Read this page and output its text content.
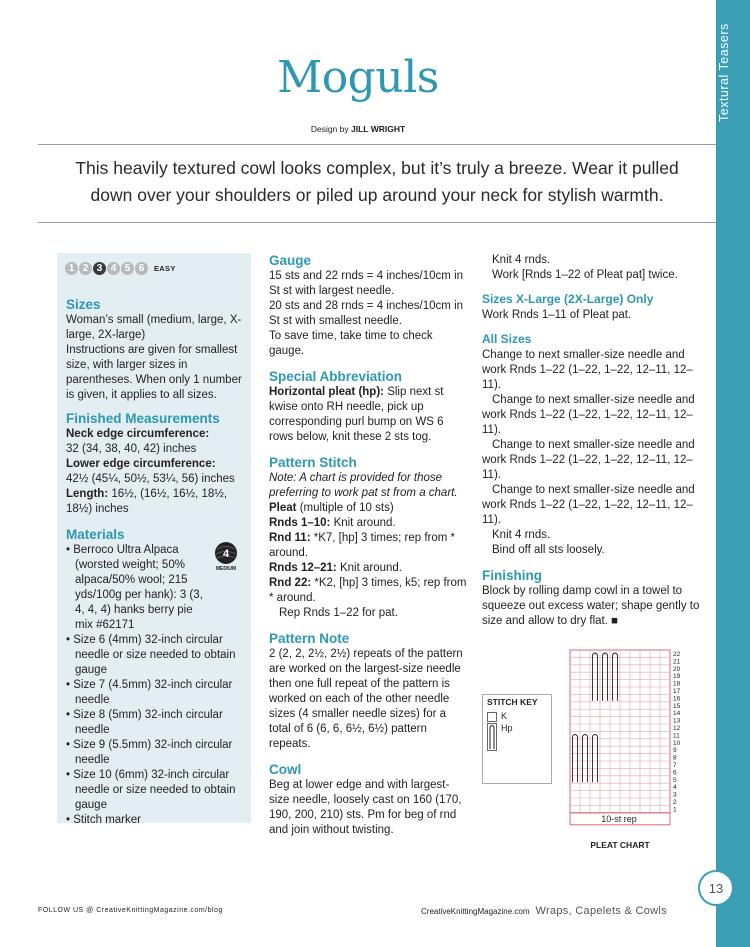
Textural Teasers
Moguls
Design by JILL WRIGHT
This heavily textured cowl looks complex, but it’s truly a breeze. Wear it pulled down over your shoulders or piled up around your neck for stylish warmth.
1 2 3 4 5 6	EASY
Sizes

Woman’s small (medium, large, X-large, 2X-large)

Instructions are given for smallest size, with larger sizes in parentheses. When only 1 number is given, it applies to all sizes.

Finished Measurements

Neck edge circumference:

32 (34, 38, 40, 42) inches

Lower edge circumference:

42½ (45¼, 50½, 53¼, 56) inches

Length: 16½, (16½, 16½, 18½, 18½) inches

Materials
• Berroco Ultra Alpaca (worsted weight; 50% alpaca/50% wool; 215 yds/100g per hank): 3 (3, 4, 4, 4) hanks berry pie mix #62171
• Size 6 (4mm) 32-inch circular needle or size needed to obtain gauge
• Size 7 (4.5mm) 32-inch circular needle
• Size 8 (5mm) 32-inch circular needle
• Size 9 (5.5mm) 32-inch circular needle
• Size 10 (6mm) 32-inch circular needle or size needed to obtain gauge
• Stitch marker
4
MEDIUM
Gauge

15 sts and 22 rnds = 4 inches/10cm in St st with largest needle.

20 sts and 28 rnds = 4 inches/10cm in St st with smallest needle.

To save time, take time to check gauge.

Special Abbreviation

Horizontal pleat (hp): Slip next st kwise onto RH needle, pick up corresponding purl bump on WS 6 rows below, knit these 2 sts tog.

Pattern Stitch

Note: A chart is provided for those preferring to work pat st from a chart.

Pleat (multiple of 10 sts)

Rnds 1–10: Knit around.

Rnd 11: *K7, [hp] 3 times; rep from * around.

Rnds 12–21: Knit around.

Rnd 22: *K2, [hp] 3 times, k5; rep from * around.

Rep Rnds 1–22 for pat.

Pattern Note

2 (2, 2, 2½, 2½) repeats of the pattern are worked on the largest-size needle then one full repeat of the pattern is worked on each of the other needle sizes (4 smaller needle sizes) for a total of 6 (6, 6, 6½, 6½) pattern repeats.

Cowl

Beg at lower edge and with largest-size needle, loosely cast on 160 (170, 190, 200, 210) sts. Pm for beg of rnd and join without twisting.

Knit 4 rnds.

Work [Rnds 1–22 of Pleat pat] twice.

Sizes X-Large (2X-Large) Only

Work Rnds 1–11 of Pleat pat.

All Sizes

Change to next smaller-size needle and work Rnds 1–22 (1–22, 1–22, 12–11, 12–11).

Change to next smaller-size needle and work Rnds 1–22 (1–22, 1–22, 12–11, 12–11).

Change to next smaller-size needle and work Rnds 1–22 (1–22, 1–22, 12–11, 12–11).

Change to next smaller-size needle and work Rnds 1–22 (1–22, 1–22, 12–11, 12–11).

Knit 4 rnds.

Bind off all sts loosely.

Finishing

Block by rolling damp cowl in a towel to squeeze out excess water; shape gently to size and allow to dry flat. ■

STITCH KEY
K
Hp
22
21
20
19
18
17
16
15
14
13
12
11
10
9
8
7
6
5
4
3
2
1
10-st rep
PLEAT CHART
FOLLOW US @ CreativeKnittingMagazine.com/blog	CreativeKnittingMagazine.com Wraps, Capelets & Cowls
13
